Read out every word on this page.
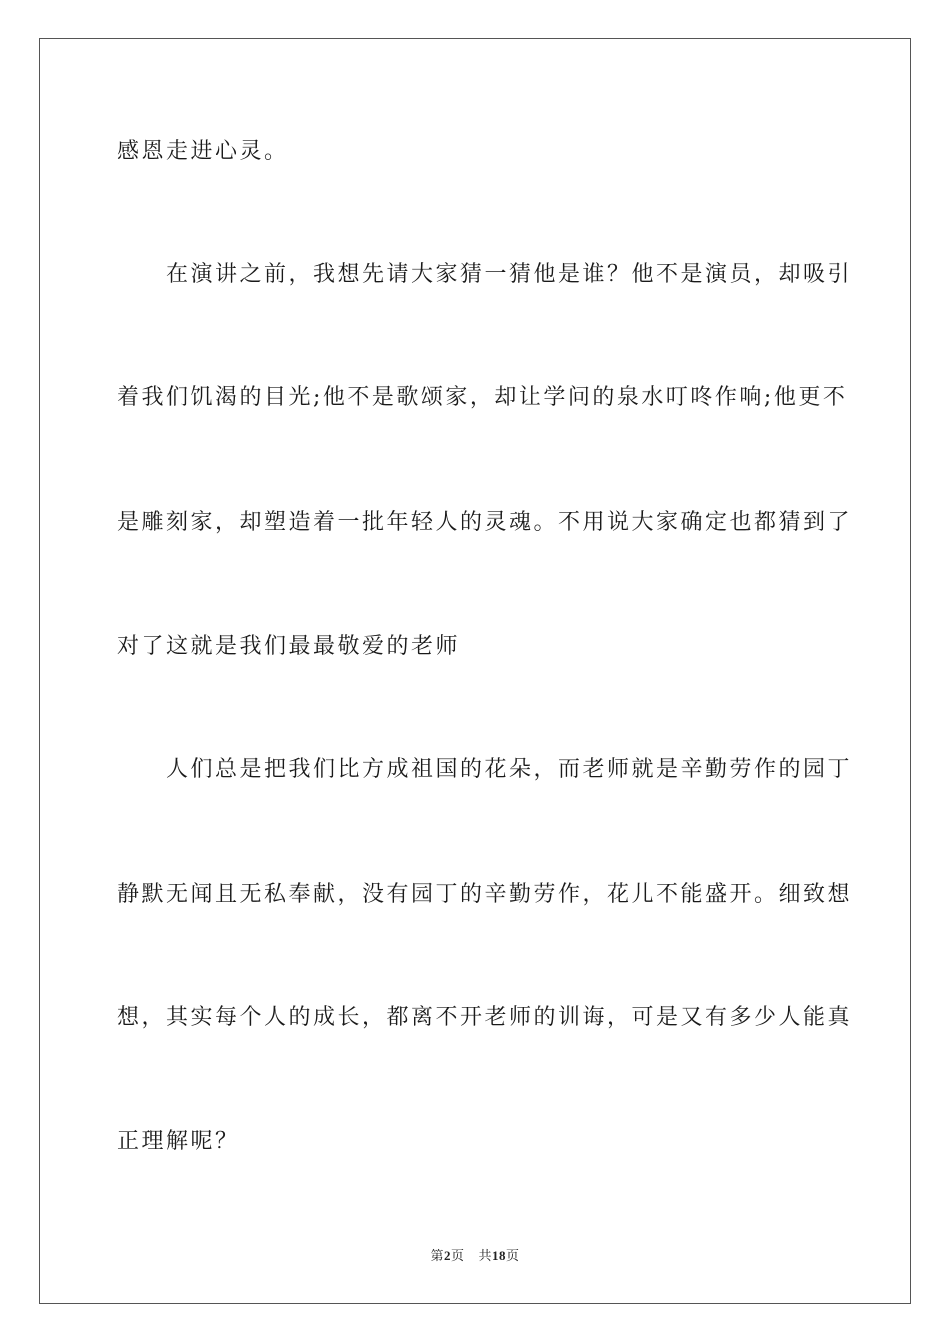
感恩走进心灵。
　　在演讲之前，我想先请大家猜一猜他是谁？他不是演员，却吸引
着我们饥渴的目光;他不是歌颂家，却让学问的泉水叮咚作响;他更不
是雕刻家，却塑造着一批年轻人的灵魂。不用说大家确定也都猜到了
对了这就是我们最最敬爱的老师
　　人们总是把我们比方成祖国的花朵，而老师就是辛勤劳作的园丁
静默无闻且无私奉献，没有园丁的辛勤劳作，花儿不能盛开。细致想
想，其实每个人的成长，都离不开老师的训诲，可是又有多少人能真
正理解呢？
第2页 共18页
